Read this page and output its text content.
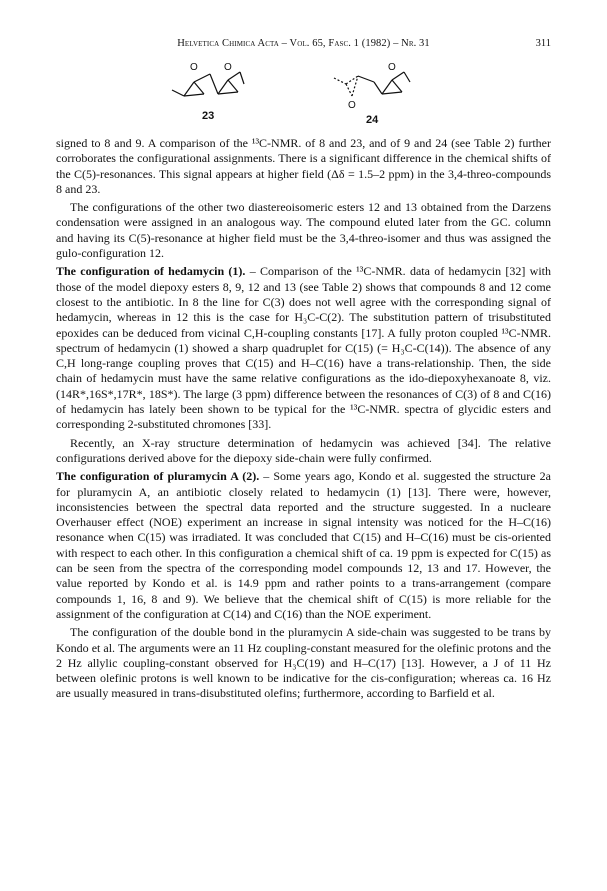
Helvetica Chimica Acta – Vol. 65, Fasc. 1 (1982) – Nr. 31	311
O	O
23
O
O
24

signed to 8 and 9. A comparison of the ¹³C-NMR. of 8 and 23, and of 9 and 24 (see Table 2) further corroborates the configurational assignments. There is a significant difference in the chemical shifts of the C(5)-resonances. This signal appears at higher field (Δδ = 1.5–2 ppm) in the 3,4-threo-compounds 8 and 23.

The configurations of the other two diastereoisomeric esters 12 and 13 obtained from the Darzens condensation were assigned in an analogous way. The compound eluted later from the GC. column and having its C(5)-resonance at higher field must be the 3,4-threo-isomer and thus was assigned the gulo-configuration 12.

The configuration of hedamycin (1). – Comparison of the ¹³C-NMR. data of hedamycin [32] with those of the model diepoxy esters 8, 9, 12 and 13 (see Table 2) shows that compounds 8 and 12 come closest to the antibiotic. In 8 the line for C(3) does not well agree with the corresponding signal of hedamycin, whereas in 12 this is the case for H₃C-C(2). The substitution pattern of trisubstituted epoxides can be deduced from vicinal C,H-coupling constants [17]. A fully proton coupled ¹³C-NMR. spectrum of hedamycin (1) showed a sharp quadruplet for C(15) (= H₃C-C(14)). The absence of any C,H long-range coupling proves that C(15) and H–C(16) have a trans-relationship. Then, the side chain of hedamycin must have the same relative configurations as the ido-diepoxyhexanoate 8, viz. (14R*,16S*,17R*, 18S*). The large (3 ppm) difference between the resonances of C(3) of 8 and C(16) of hedamycin has lately been shown to be typical for the ¹³C-NMR. spectra of glycidic esters and corresponding 2-substituted chromones [33].

Recently, an X-ray structure determination of hedamycin was achieved [34]. The relative configurations derived above for the diepoxy side-chain were fully confirmed.

The configuration of pluramycin A (2). – Some years ago, Kondo et al. suggested the structure 2a for pluramycin A, an antibiotic closely related to hedamycin (1) [13]. There were, however, inconsistencies between the spectral data reported and the structure suggested. In a nucleare Overhauser effect (NOE) experiment an increase in signal intensity was noticed for the H–C(16) resonance when C(15) was irradiated. It was concluded that C(15) and H–C(16) must be cis-oriented with respect to each other. In this configuration a chemical shift of ca. 19 ppm is expected for C(15) as can be seen from the spectra of the corresponding model compounds 12, 13 and 17. However, the value reported by Kondo et al. is 14.9 ppm and rather points to a trans-arrangement (compare compounds 1, 16, 8 and 9). We believe that the chemical shift of C(15) is more reliable for the assignment of the configuration at C(14) and C(16) than the NOE experiment.

The configuration of the double bond in the pluramycin A side-chain was suggested to be trans by Kondo et al. The arguments were an 11 Hz coupling-constant measured for the olefinic protons and the 2 Hz allylic coupling-constant observed for H₃C(19) and H–C(17) [13]. However, a J of 11 Hz between olefinic protons is well known to be indicative for the cis-configuration; whereas ca. 16 Hz are usually measured in trans-disubstituted olefins; furthermore, according to Barfield et al.
